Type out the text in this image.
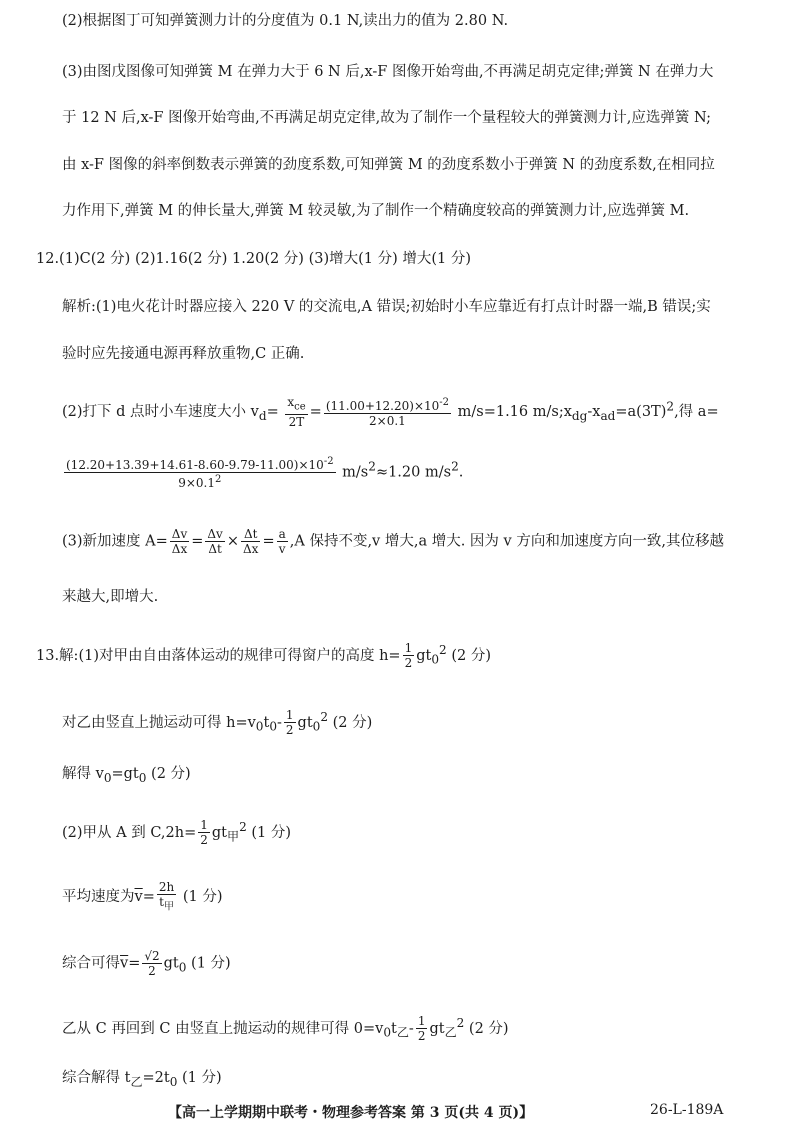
(2)根据图丁可知弹簧测力计的分度值为 0.1 N,读出力的值为 2.80 N.
(3)由图戊图像可知弹簧 M 在弹力大于 6 N 后,x-F 图像开始弯曲,不再满足胡克定律;弹簧 N 在弹力大
于 12 N 后,x-F 图像开始弯曲,不再满足胡克定律,故为了制作一个量程较大的弹簧测力计,应选弹簧 N;
由 x-F 图像的斜率倒数表示弹簧的劲度系数,可知弹簧 M 的劲度系数小于弹簧 N 的劲度系数,在相同拉
力作用下,弹簧 M 的伸长量大,弹簧 M 较灵敏,为了制作一个精确度较高的弹簧测力计,应选弹簧 M.
12.(1)C(2 分) (2)1.16(2 分) 1.20(2 分) (3)增大(1 分) 增大(1 分)
解析:(1)电火花计时器应接入 220 V 的交流电,A 错误;初始时小车应靠近有打点计时器一端,B 错误;实
验时应先接通电源再释放重物,C 正确.
(2)打下 d 点时小车速度大小 $v_d= \frac{x_{ce}}{2T} = \frac{(11.00+12.20)\times 10^{-2}}{2\times 0.1} m/s=1.16$ $m/s;x_{dg}-x_{ad}=a(3T)^2$,得 a=
$\frac{(12.20+13.39+14.61-8.60-9.79-11.00)\times 10^{-2}}{9\times 0.1^2} m/s^2\approx 1.20$ $m/s^2$.
(3)新加速度 $A= \frac{\Delta v}{\Delta x} = \frac{\Delta v}{\Delta t} \times \frac{\Delta t}{\Delta x} = \frac{a}{v} ,A$ 保持不变,v 增大,a 增大. 因为 v 方向和加速度方向一致,其位移越
来越大,即增大.
13.解:(1)对甲由自由落体运动的规律可得窗户的高度 $h= \frac{1}{2} gt_0^2$ (2 分)
对乙由竖直上抛运动可得 $h=v_0t_0- \frac{1}{2} gt_0^2$ (2 分)
解得 $v_0=gt_0$ (2 分)
(2)甲从 A 到 $C,2h= \frac{1}{2} gt_甲^2$ (1 分)
平均速度为$\overline{v}= \frac{2h}{t_甲} (1$ 分)
综合可得$\overline{v}= \frac{√2}{2} gt_0$ (1 分)
乙从 C 再回到 C 由竖直上抛运动的规律可得 $0=v_0t_乙- \frac{1}{2} gt_乙^2$ (2 分)
综合解得 $t_乙=2t_0$ (1 分)
【高一上学期期中联考・物理参考答案 第 3 页(共 4 页)】	26-L-189A
